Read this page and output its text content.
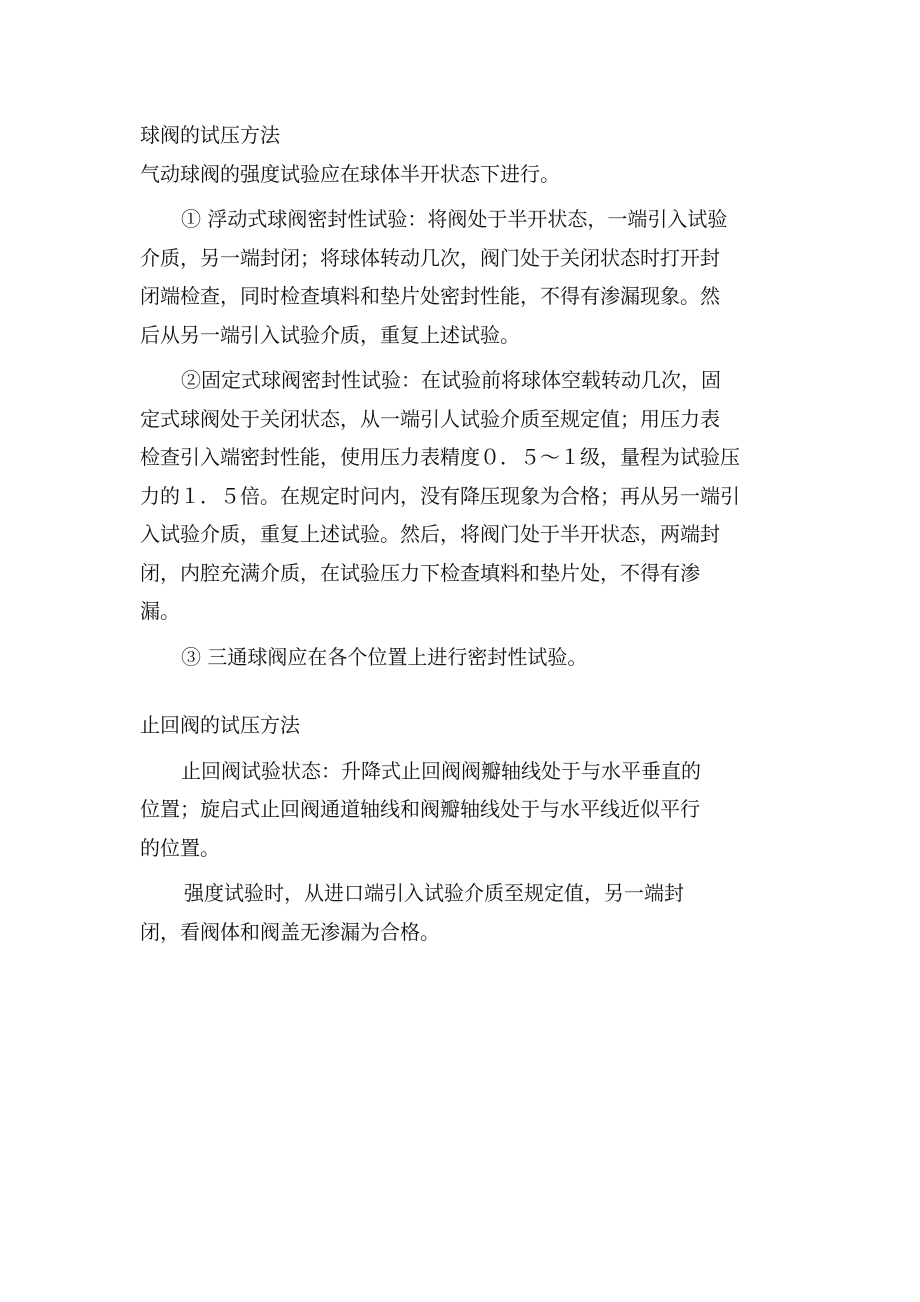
球阀的试压方法
气动球阀的强度试验应在球体半开状态下进行。
① 浮动式球阀密封性试验：将阀处于半开状态，一端引入试验
介质，另一端封闭；将球体转动几次，阀门处于关闭状态时打开封
闭端检查，同时检查填料和垫片处密封性能，不得有渗漏现象。然
后从另一端引入试验介质，重复上述试验。
②固定式球阀密封性试验：在试验前将球体空载转动几次，固
定式球阀处于关闭状态，从一端引人试验介质至规定值；用压力表
检查引入端密封性能，使用压力表精度０．５～１级，量程为试验压
力的１．５倍。在规定时问内，没有降压现象为合格；再从另一端引
入试验介质，重复上述试验。然后，将阀门处于半开状态，两端封
闭，内腔充满介质，在试验压力下检查填料和垫片处，不得有渗
漏。
③ 三通球阀应在各个位置上进行密封性试验。
止回阀的试压方法
止回阀试验状态：升降式止回阀阀瓣轴线处于与水平垂直的
位置；旋启式止回阀通道轴线和阀瓣轴线处于与水平线近似平行
的位置。
强度试验时，从进口端引入试验介质至规定值，另一端封
闭，看阀体和阀盖无渗漏为合格。
